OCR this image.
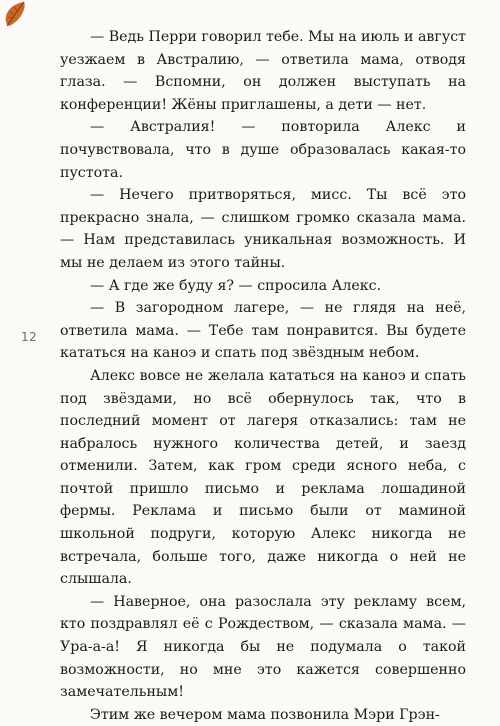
12

— Ведь Перри говорил тебе. Мы на июль и август уезжаем в Австралию, — ответила мама, отводя глаза. — Вспомни, он должен выступать на конференции! Жёны приглашены, а дети — нет.

— Австралия! — повторила Алекс и почувствовала, что в душе образовалась какая-то пустота.

— Нечего притворяться, мисс. Ты всё это прекрасно знала, — слишком громко сказала мама. — Нам представилась уникальная возможность. И мы не делаем из этого тайны.

— А где же буду я? — спросила Алекс.

— В загородном лагере, — не глядя на неё, ответила мама. — Тебе там понравится. Вы будете кататься на каноэ и спать под звёздным небом.

Алекс вовсе не желала кататься на каноэ и спать под звёздами, но всё обернулось так, что в последний момент от лагеря отказались: там не набралось нужного количества детей, и заезд отменили. Затем, как гром среди ясного неба, с почтой пришло письмо и реклама лошадиной фермы. Реклама и письмо были от маминой школьной подруги, которую Алекс никогда не встречала, больше того, даже никогда о ней не слышала.

— Наверное, она разослала эту рекламу всем, кто поздравлял её с Рождеством, — сказала мама. — Ура-а-а! Я никогда бы не подумала о такой возможности, но мне это кажется совершенно замечательным!

Этим же вечером мама позвонила Мэри Грэн-
